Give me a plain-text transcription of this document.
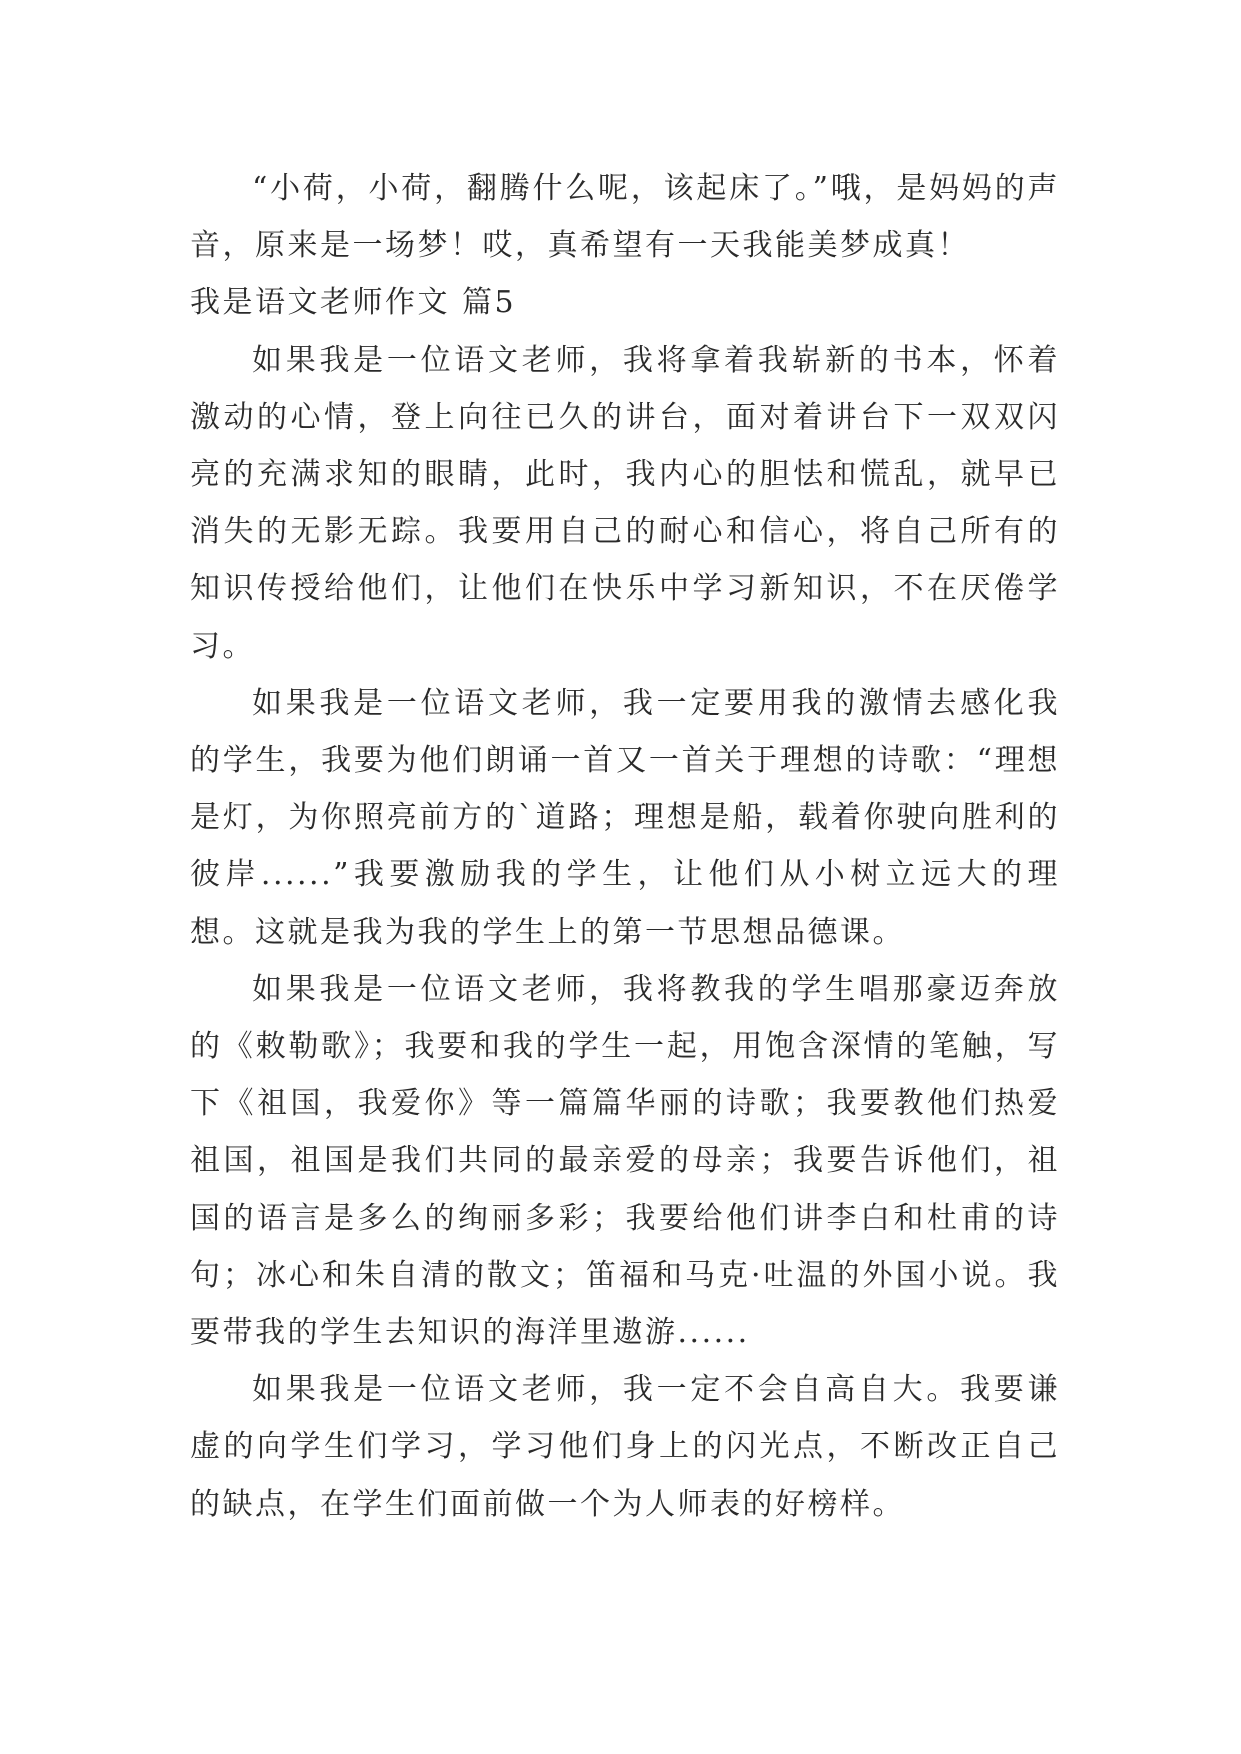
“小荷，小荷，翻腾什么呢，该起床了。”哦，是妈妈的声音，原来是一场梦！哎，真希望有一天我能美梦成真！

我是语文老师作文 篇5

如果我是一位语文老师，我将拿着我崭新的书本，怀着激动的心情，登上向往已久的讲台，面对着讲台下一双双闪亮的充满求知的眼睛，此时，我内心的胆怯和慌乱，就早已消失的无影无踪。我要用自己的耐心和信心，将自己所有的知识传授给他们，让他们在快乐中学习新知识，不在厌倦学习。

如果我是一位语文老师，我一定要用我的激情去感化我的学生，我要为他们朗诵一首又一首关于理想的诗歌：“理想是灯，为你照亮前方的`道路；理想是船，载着你驶向胜利的彼岸......”我要激励我的学生，让他们从小树立远大的理想。这就是我为我的学生上的第一节思想品德课。

如果我是一位语文老师，我将教我的学生唱那豪迈奔放的《敕勒歌》；我要和我的学生一起，用饱含深情的笔触，写下《祖国，我爱你》等一篇篇华丽的诗歌；我要教他们热爱祖国，祖国是我们共同的最亲爱的母亲；我要告诉他们，祖国的语言是多么的绚丽多彩；我要给他们讲李白和杜甫的诗句；冰心和朱自清的散文；笛福和马克·吐温的外国小说。我要带我的学生去知识的海洋里遨游......

如果我是一位语文老师，我一定不会自高自大。我要谦虚的向学生们学习，学习他们身上的闪光点，不断改正自己的缺点，在学生们面前做一个为人师表的好榜样。
